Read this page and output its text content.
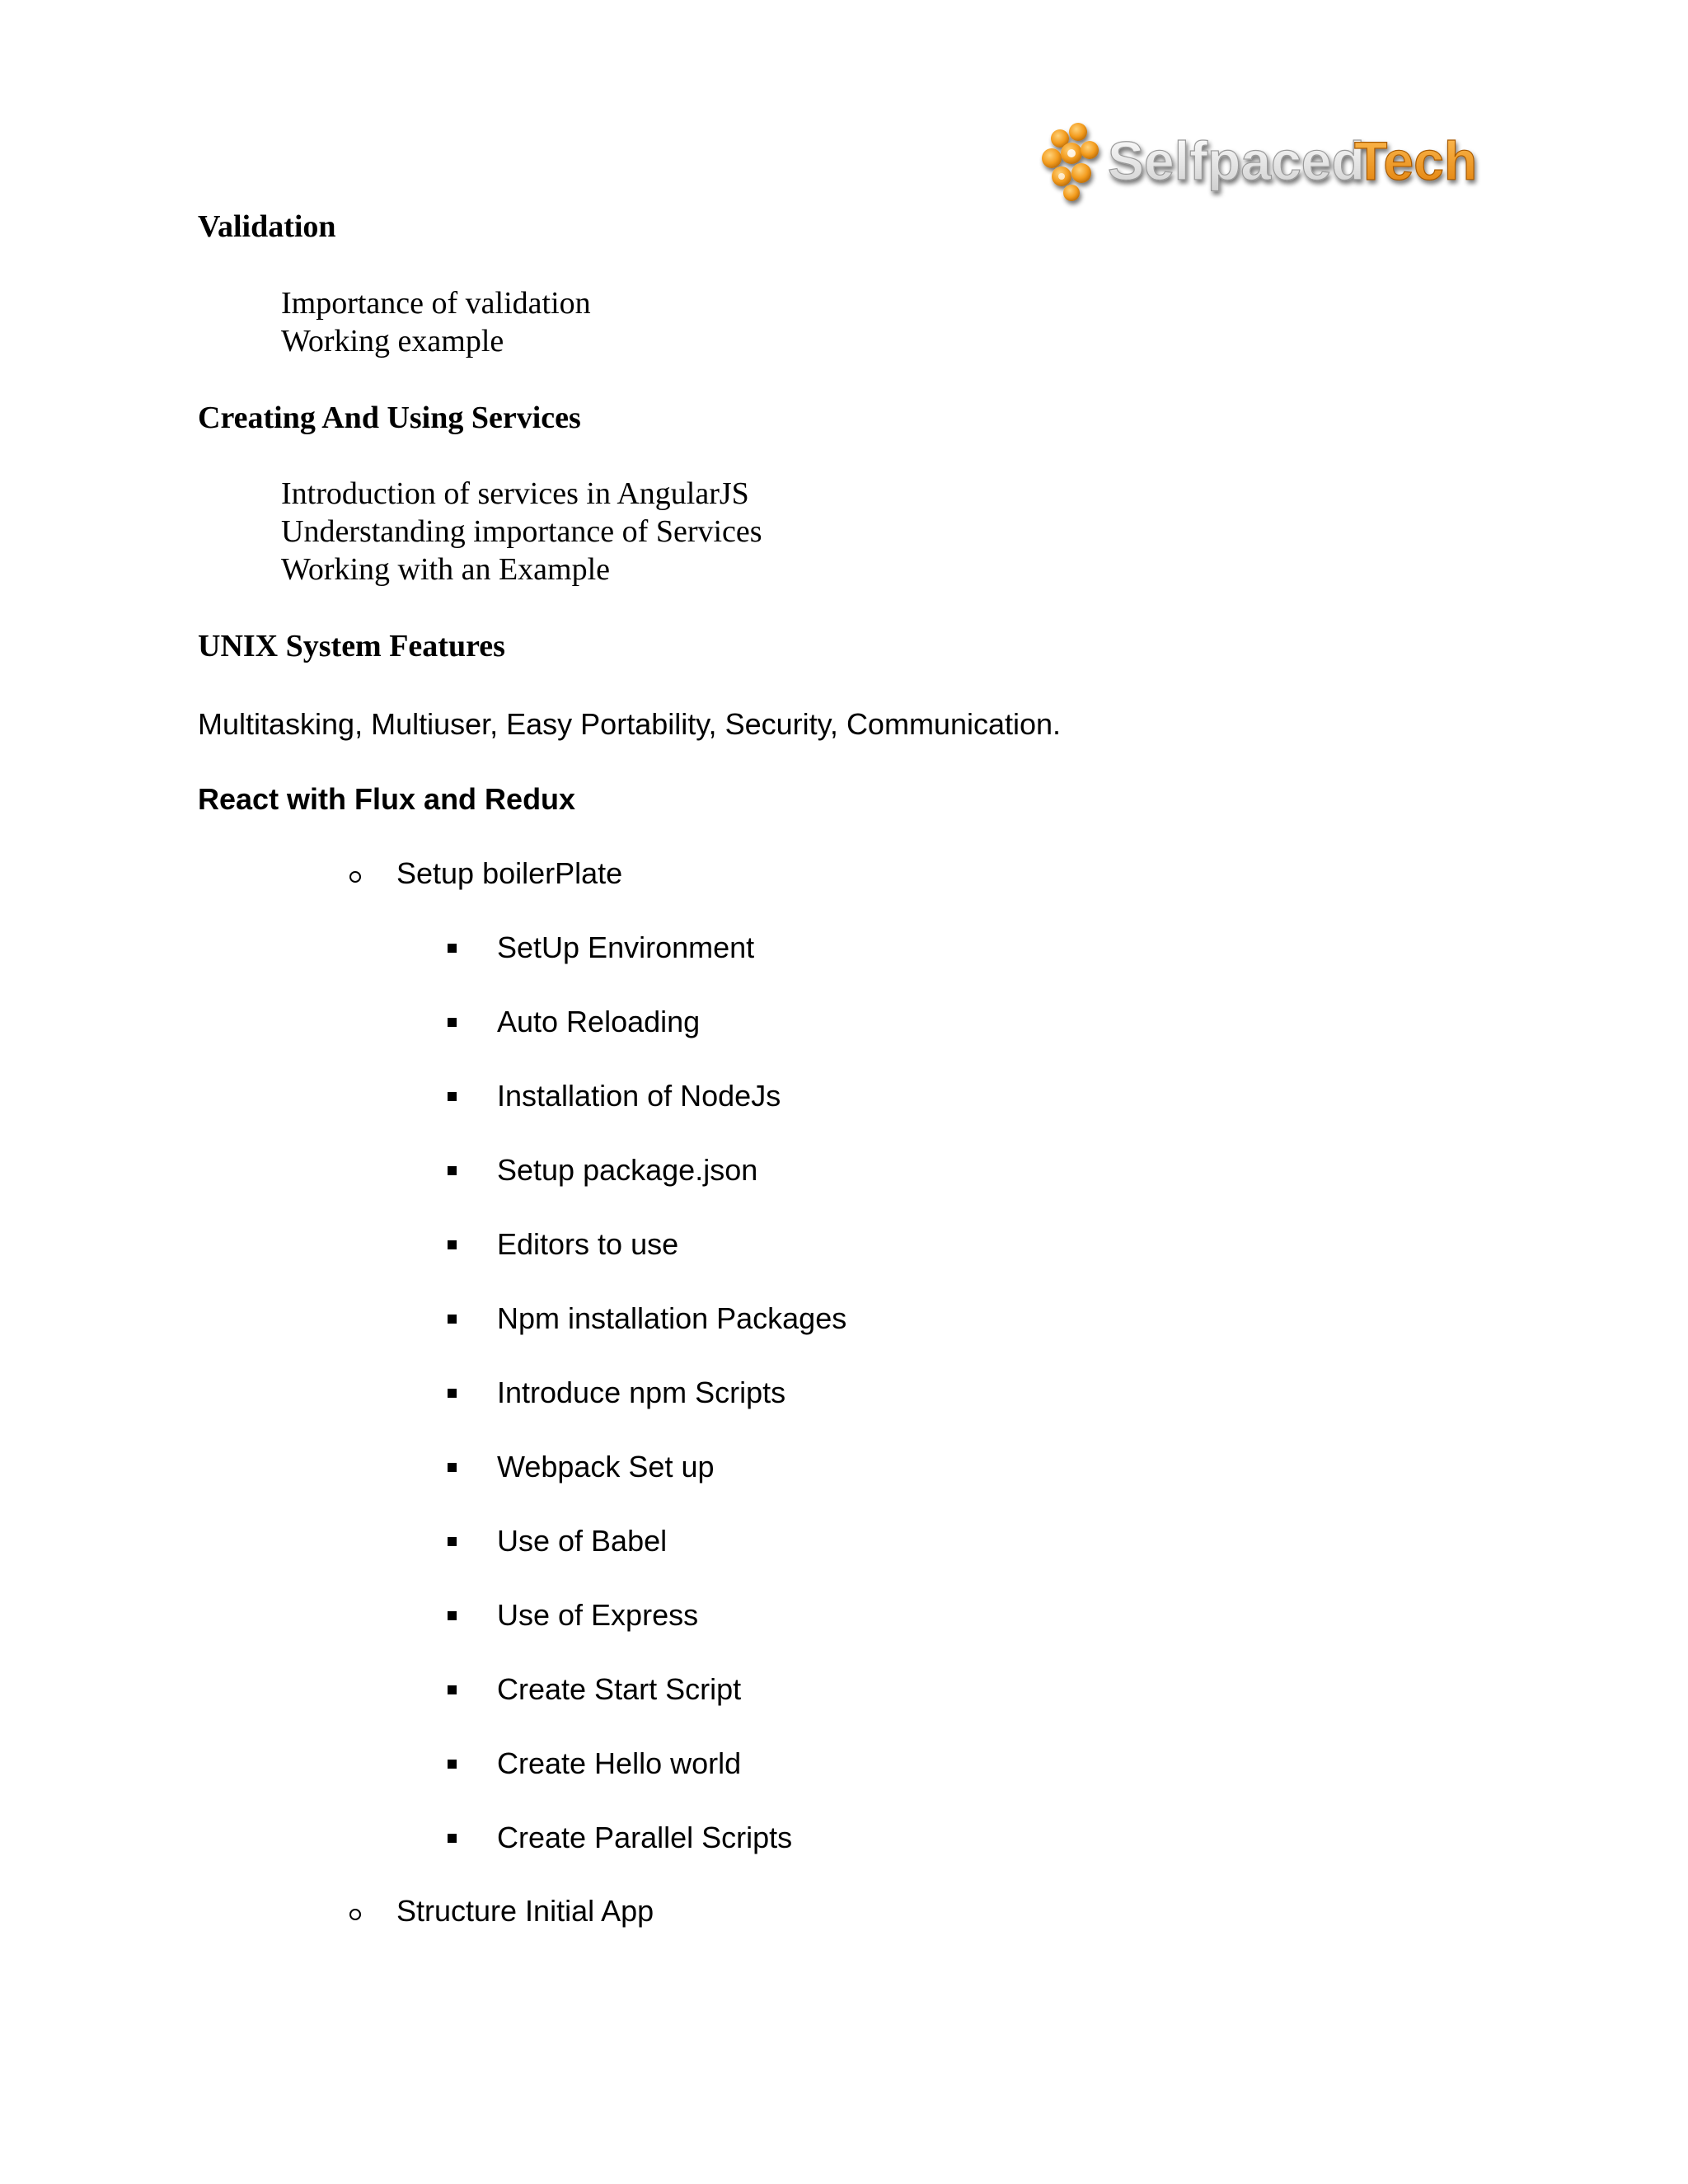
Selfpaced
Tech
Validation
Importance of validation
Working example
Creating And Using Services
Introduction of services in AngularJS
Understanding importance of Services
Working with an Example
UNIX System Features
Multitasking, Multiuser, Easy Portability, Security, Communication.
React with Flux and Redux
Setup boilerPlate
SetUp Environment
Auto Reloading
Installation of NodeJs
Setup package.json
Editors to use
Npm installation Packages
Introduce npm Scripts
Webpack Set up
Use of Babel
Use of Express
Create Start Script
Create Hello world
Create Parallel Scripts
Structure Initial App
